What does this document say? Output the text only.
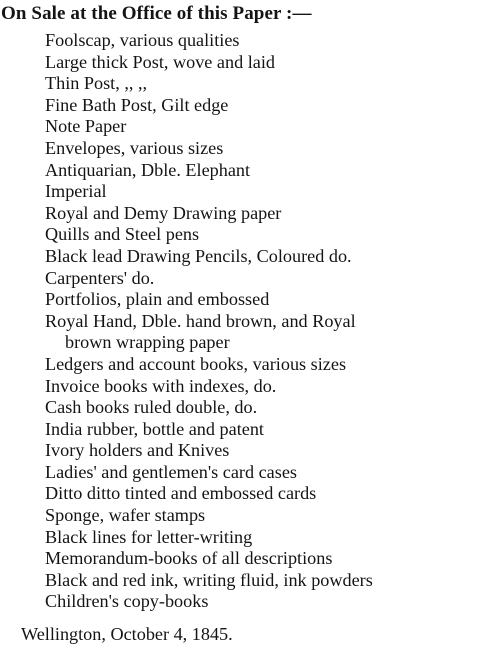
On Sale at the Office of this Paper :—
Foolscap, various qualities
Large thick Post, wove and laid
Thin Post, ,, ,,
Fine Bath Post, Gilt edge
Note Paper
Envelopes, various sizes
Antiquarian, Dble. Elephant
Imperial
Royal and Demy Drawing paper
Quills and Steel pens
Black lead Drawing Pencils, Coloured do.
Carpenters' do.
Portfolios, plain and embossed
Royal Hand, Dble. hand brown, and Royal
brown wrapping paper
Ledgers and account books, various sizes
Invoice books with indexes, do.
Cash books ruled double, do.
India rubber, bottle and patent
Ivory holders and Knives
Ladies' and gentlemen's card cases
Ditto ditto tinted and embossed cards
Sponge, wafer stamps
Black lines for letter-writing
Memorandum-books of all descriptions
Black and red ink, writing fluid, ink powders
Children's copy-books
Wellington, October 4, 1845.
